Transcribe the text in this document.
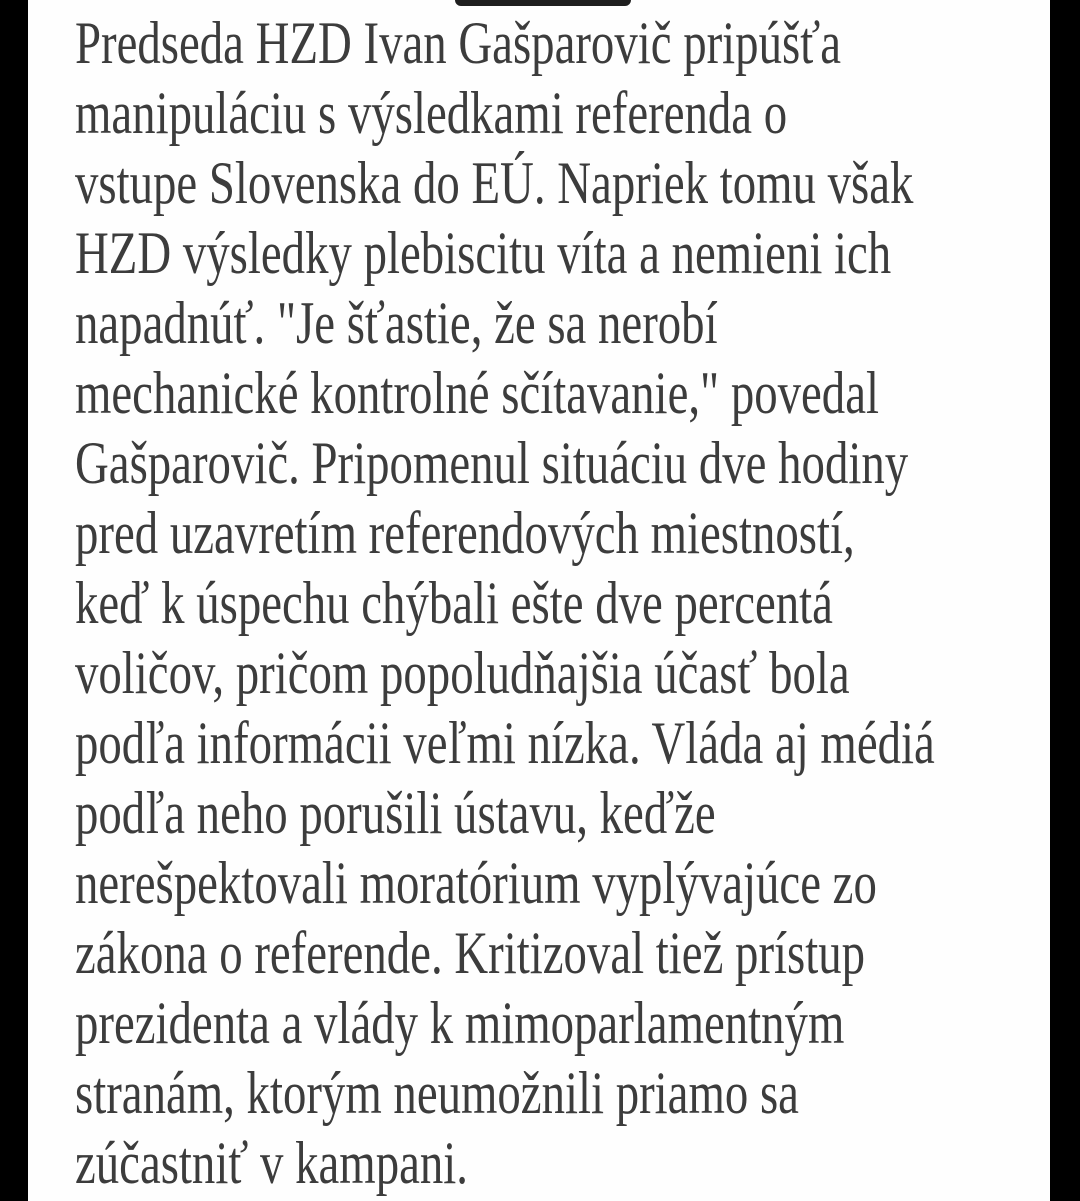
Predseda HZD Ivan Gašparovič pripúšťa
manipuláciu s výsledkami referenda o
vstupe Slovenska do EÚ. Napriek tomu však
HZD výsledky plebiscitu víta a nemieni ich
napadnúť. "Je šťastie, že sa nerobí
mechanické kontrolné sčítavanie," povedal
Gašparovič. Pripomenul situáciu dve hodiny
pred uzavretím referendových miestností,
keď k úspechu chýbali ešte dve percentá
voličov, pričom popoludňajšia účasť bola
podľa informácii veľmi nízka. Vláda aj médiá
podľa neho porušili ústavu, keďže
nerešpektovali moratórium vyplývajúce zo
zákona o referende. Kritizoval tiež prístup
prezidenta a vlády k mimoparlamentným
stranám, ktorým neumožnili priamo sa
zúčastniť v kampani.
